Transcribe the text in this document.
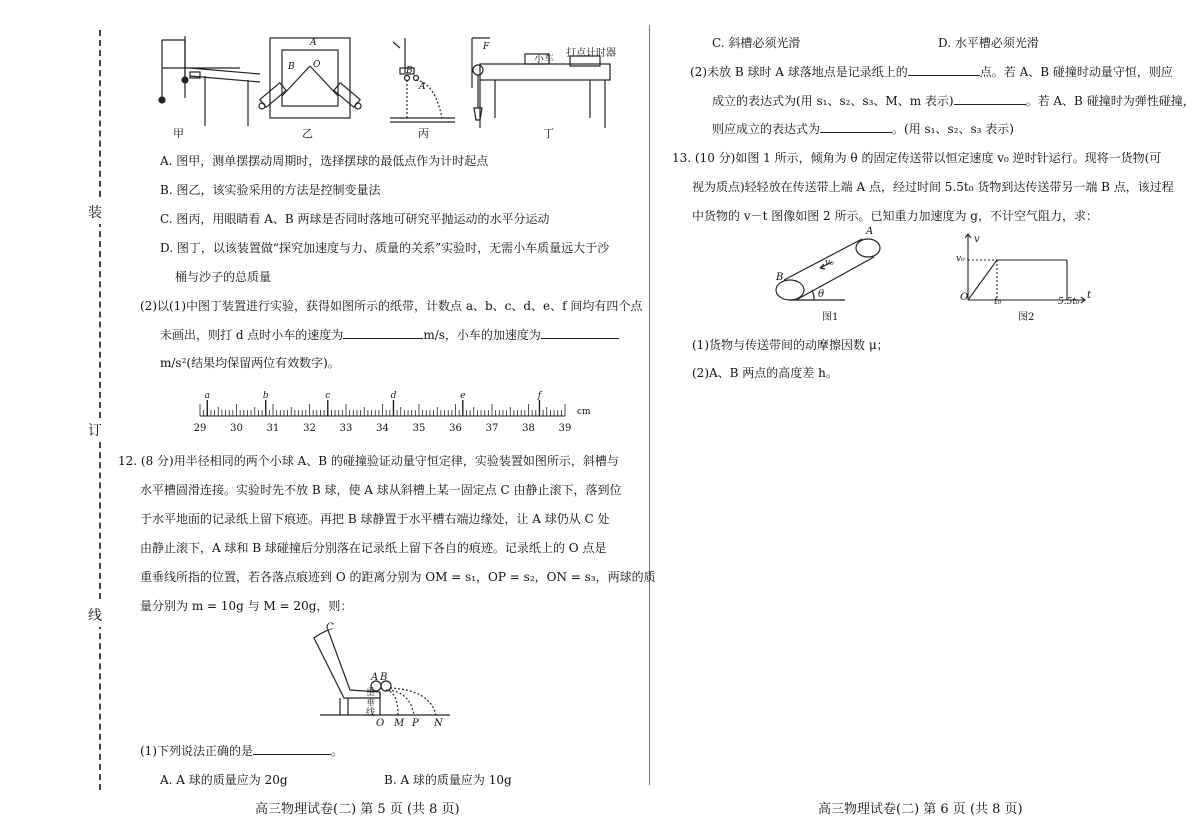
装
订
线
甲	乙	丙	丁
小车
打点计时器
A
B O
A
B
F
A. 图甲，测单摆摆动周期时，选择摆球的最低点作为计时起点
B. 图乙，该实验采用的方法是控制变量法
C. 图丙，用眼睛看 A、B 两球是否同时落地可研究平抛运动的水平分运动
D. 图丁，以该装置做“探究加速度与力、质量的关系”实验时，无需小车质量远大于沙
桶与沙子的总质量
(2)以(1)中图丁装置进行实验，获得如图所示的纸带，计数点 a、b、c、d、e、f 间均有四个点
未画出，则打 d 点时小车的速度为	m/s，小车的加速度为
m/s²(结果均保留两位有效数字)。
29 30 31 32 33 34 35 36 37 38 39
cm
a	b	c	d	e	f
12. (8 分)用半径相同的两个小球 A、B 的碰撞验证动量守恒定律，实验装置如图所示，斜槽与
水平槽圆滑连接。实验时先不放 B 球，使 A 球从斜槽上某一固定点 C 由静止滚下，落到位
于水平地面的记录纸上留下痕迹。再把 B 球静置于水平槽右端边缘处，让 A 球仍从 C 处
由静止滚下，A 球和 B 球碰撞后分别落在记录纸上留下各自的痕迹。记录纸上的 O 点是
重垂线所指的位置，若各落点痕迹到 O 的距离分别为 OM = s₁，OP = s₂，ON = s₃，两球的质
量分别为 m = 10g 与 M = 20g，则：
C
A B
重垂线
O M P N
(1)下列说法正确的是	。
A. A 球的质量应为 20g	B. A 球的质量应为 10g
高三物理试卷(二) 第 5 页 (共 8 页)
C. 斜槽必须光滑	D. 水平槽必须光滑
(2)未放 B 球时 A 球落地点是记录纸上的	点。若 A、B 碰撞时动量守恒，则应
成立的表达式为(用 s₁、s₂、s₃、M、m 表示)	。若 A、B 碰撞时为弹性碰撞，
则应成立的表达式为	。(用 s₁、s₂、s₃ 表示)
13. (10 分)如图 1 所示，倾角为 θ 的固定传送带以恒定速度 v₀ 逆时针运行。现将一货物(可
视为质点)轻轻放在传送带上端 A 点，经过时间 5.5t₀ 货物到达传送带另一端 B 点，该过程
中货物的 v－t 图像如图 2 所示。已知重力加速度为 g，不计空气阻力，求：
A
B
v₀
θ
图1
v
v₀
O	t₀	5.5t₀
t
图2
(1)货物与传送带间的动摩擦因数 μ；
(2)A、B 两点的高度差 h。
高三物理试卷(二) 第 6 页 (共 8 页)
